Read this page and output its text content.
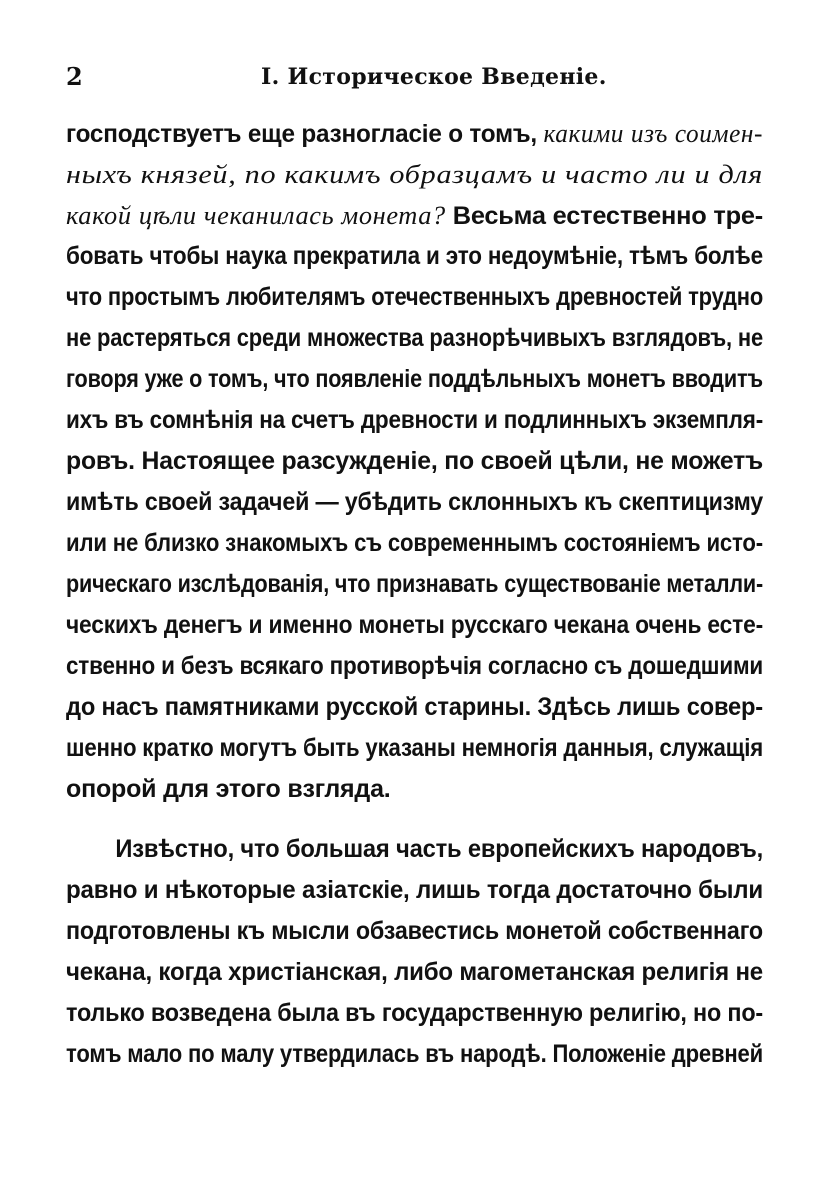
2	I. Историческое Введенiе.
господствуетъ еще разногласiе о томъ, какими изъ соимен-
ныхъ князей, по какимъ образцамъ и часто ли и для
какой цѣли чеканилась монета? Весьма естественно тре-
бовать чтобы наука прекратила и это недоумѣнiе, тѣмъ болѣе
что простымъ любителямъ отечественныхъ древностей трудно
не растеряться среди множества разнорѣчивыхъ взглядовъ, не
говоря уже о томъ, что появленiе поддѣльныхъ монетъ вводитъ
ихъ въ сомнѣнiя на счетъ древности и подлинныхъ экземпля-
ровъ. Настоящее разсужденiе, по своей цѣли, не можетъ
имѣть своей задачей — убѣдить склонныхъ къ скептицизму
или не близко знакомыхъ съ современнымъ состоянiемъ исто-
рическаго изслѣдованiя, что признавать существованiе металли-
ческихъ денегъ и именно монеты русскаго чекана очень есте-
ственно и безъ всякаго противорѣчiя согласно съ дошедшими
до насъ памятниками русской старины. Здѣсь лишь совер-
шенно кратко могутъ быть указаны немногiя данныя, служащiя
опорой для этого взгляда.
Извѣстно, что большая часть европейскихъ народовъ,
равно и нѣкоторые азiатскiе, лишь тогда достаточно были
подготовлены къ мысли обзавестись монетой собственнаго
чекана, когда христiанская, либо магометанская религiя не
только возведена была въ государственную религiю, но по-
томъ мало по малу утвердилась въ народѣ. Положенiе древней
